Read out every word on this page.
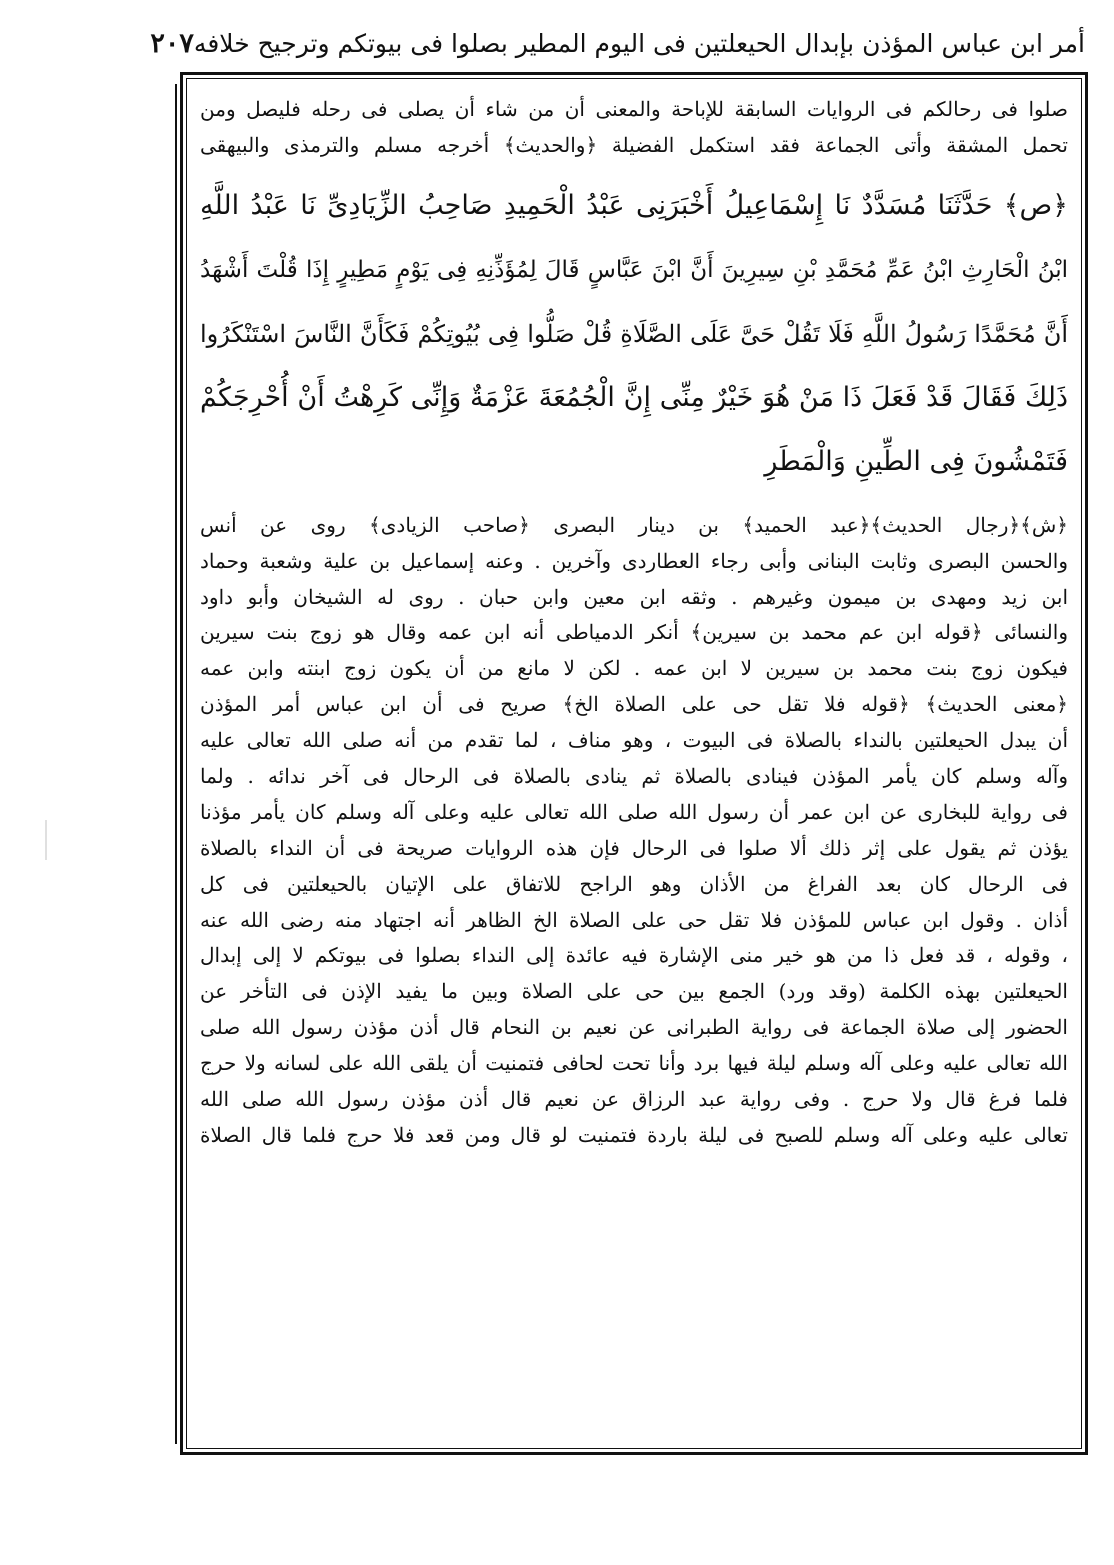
أمر ابن عباس المؤذن بإبدال الحيعلتين فى اليوم المطير بصلوا فى بيوتكم وترجيح خلافه
٢٠٧
صلوا فى رحالكم فى الروايات السابقة للإباحة والمعنى أن من شاء أن يصلى فى رحله فليصل ومن
تحمل المشقة وأتى الجماعة فقد استكمل الفضيلة ﴿والحديث﴾ أخرجه مسلم والترمذى والبيهقى
﴿ص﴾ حَدَّثَنَا مُسَدَّدٌ نَا إِسْمَاعِيلُ أَخْبَرَنِى عَبْدُ الْحَمِيدِ صَاحِبُ الزِّيَادِىِّ نَا عَبْدُ اللَّهِ
ابْنُ الْحَارِثِ ابْنُ عَمِّ مُحَمَّدِ بْنِ سِيرِينَ أَنَّ ابْنَ عَبَّاسٍ قَالَ لِمُؤَذِّنِهِ فِى يَوْمٍ مَطِيرٍ إِذَا قُلْتَ أَشْهَدُ
أَنَّ مُحَمَّدًا رَسُولُ اللَّهِ فَلَا تَقُلْ حَىَّ عَلَى الصَّلَاةِ قُلْ صَلُّوا فِى بُيُوتِكُمْ فَكَأَنَّ النَّاسَ اسْتَنْكَرُوا
ذَلِكَ فَقَالَ قَدْ فَعَلَ ذَا مَنْ هُوَ خَيْرٌ مِنِّى إِنَّ الْجُمُعَةَ عَزْمَةٌ وَإِنِّى كَرِهْتُ أَنْ أُحْرِجَكُمْ
فَتَمْشُونَ فِى الطِّينِ وَالْمَطَرِ
﴿ش﴾﴿رجال الحديث﴾﴿عبد الحميد﴾ بن دينار البصرى ﴿صاحب الزيادى﴾ روى عن أنس
والحسن البصرى وثابت البنانى وأبى رجاء العطاردى وآخرين . وعنه إسماعيل بن علية وشعبة وحماد
ابن زيد ومهدى بن ميمون وغيرهم . وثقه ابن معين وابن حبان . روى له الشيخان وأبو داود
والنسائى ﴿قوله ابن عم محمد بن سيرين﴾ أنكر الدمياطى أنه ابن عمه وقال هو زوج بنت سيرين
فيكون زوج بنت محمد بن سيرين لا ابن عمه . لكن لا مانع من أن يكون زوج ابنته وابن عمه
﴿معنى الحديث﴾ ﴿قوله فلا تقل حى على الصلاة الخ﴾ صريح فى أن ابن عباس أمر المؤذن
أن يبدل الحيعلتين بالنداء بالصلاة فى البيوت ، وهو مناف ، لما تقدم من أنه صلى الله تعالى عليه
وآله وسلم كان يأمر المؤذن فينادى بالصلاة ثم ينادى بالصلاة فى الرحال فى آخر ندائه . ولما
فى رواية للبخارى عن ابن عمر أن رسول الله صلى الله تعالى عليه وعلى آله وسلم كان يأمر مؤذنا
يؤذن ثم يقول على إثر ذلك ألا صلوا فى الرحال فإن هذه الروايات صريحة فى أن النداء بالصلاة
فى الرحال كان بعد الفراغ من الأذان وهو الراجح للاتفاق على الإتيان بالحيعلتين فى كل
أذان . وقول ابن عباس للمؤذن فلا تقل حى على الصلاة الخ الظاهر أنه اجتهاد منه رضى الله عنه
، وقوله ، قد فعل ذا من هو خير منى الإشارة فيه عائدة إلى النداء بصلوا فى بيوتكم لا إلى إبدال
الحيعلتين بهذه الكلمة (وقد ورد) الجمع بين حى على الصلاة وبين ما يفيد الإذن فى التأخر عن
الحضور إلى صلاة الجماعة فى رواية الطبرانى عن نعيم بن النحام قال أذن مؤذن رسول الله صلى
الله تعالى عليه وعلى آله وسلم ليلة فيها برد وأنا تحت لحافى فتمنيت أن يلقى الله على لسانه ولا حرج
فلما فرغ قال ولا حرج . وفى رواية عبد الرزاق عن نعيم قال أذن مؤذن رسول الله صلى الله
تعالى عليه وعلى آله وسلم للصبح فى ليلة باردة فتمنيت لو قال ومن قعد فلا حرج فلما قال الصلاة
